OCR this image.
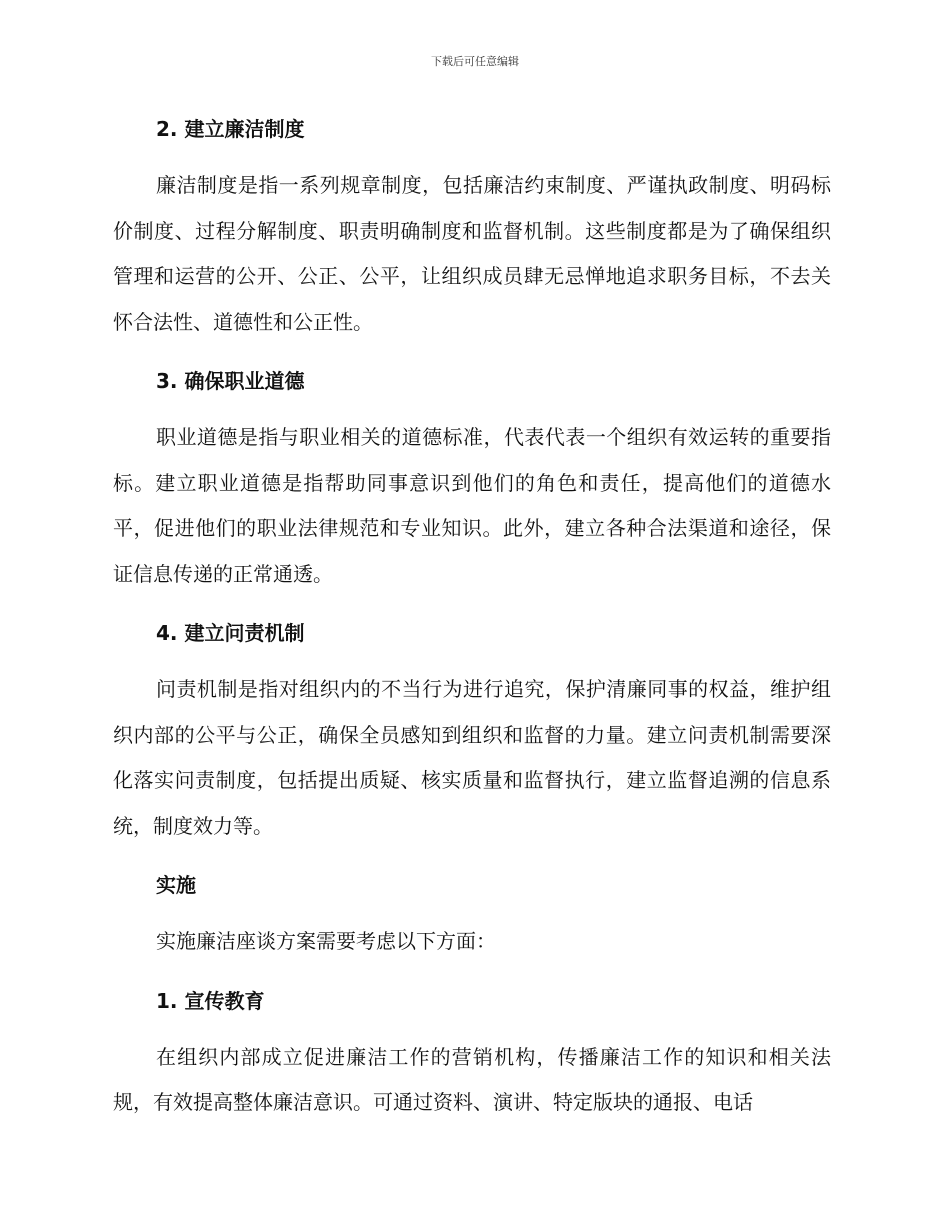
下载后可任意编辑
2. 建立廉洁制度

廉洁制度是指一系列规章制度，包括廉洁约束制度、严谨执政制度、明码标价制度、过程分解制度、职责明确制度和监督机制。这些制度都是为了确保组织管理和运营的公开、公正、公平，让组织成员肆无忌惮地追求职务目标，不去关怀合法性、道德性和公正性。

3. 确保职业道德

职业道德是指与职业相关的道德标准，代表代表一个组织有效运转的重要指标。建立职业道德是指帮助同事意识到他们的角色和责任，提高他们的道德水平，促进他们的职业法律规范和专业知识。此外，建立各种合法渠道和途径，保证信息传递的正常通透。

4. 建立问责机制

问责机制是指对组织内的不当行为进行追究，保护清廉同事的权益，维护组织内部的公平与公正，确保全员感知到组织和监督的力量。建立问责机制需要深化落实问责制度，包括提出质疑、核实质量和监督执行，建立监督追溯的信息系统，制度效力等。

实施

实施廉洁座谈方案需要考虑以下方面：

1. 宣传教育

在组织内部成立促进廉洁工作的营销机构，传播廉洁工作的知识和相关法规，有效提高整体廉洁意识。可通过资料、演讲、特定版块的通报、电话
